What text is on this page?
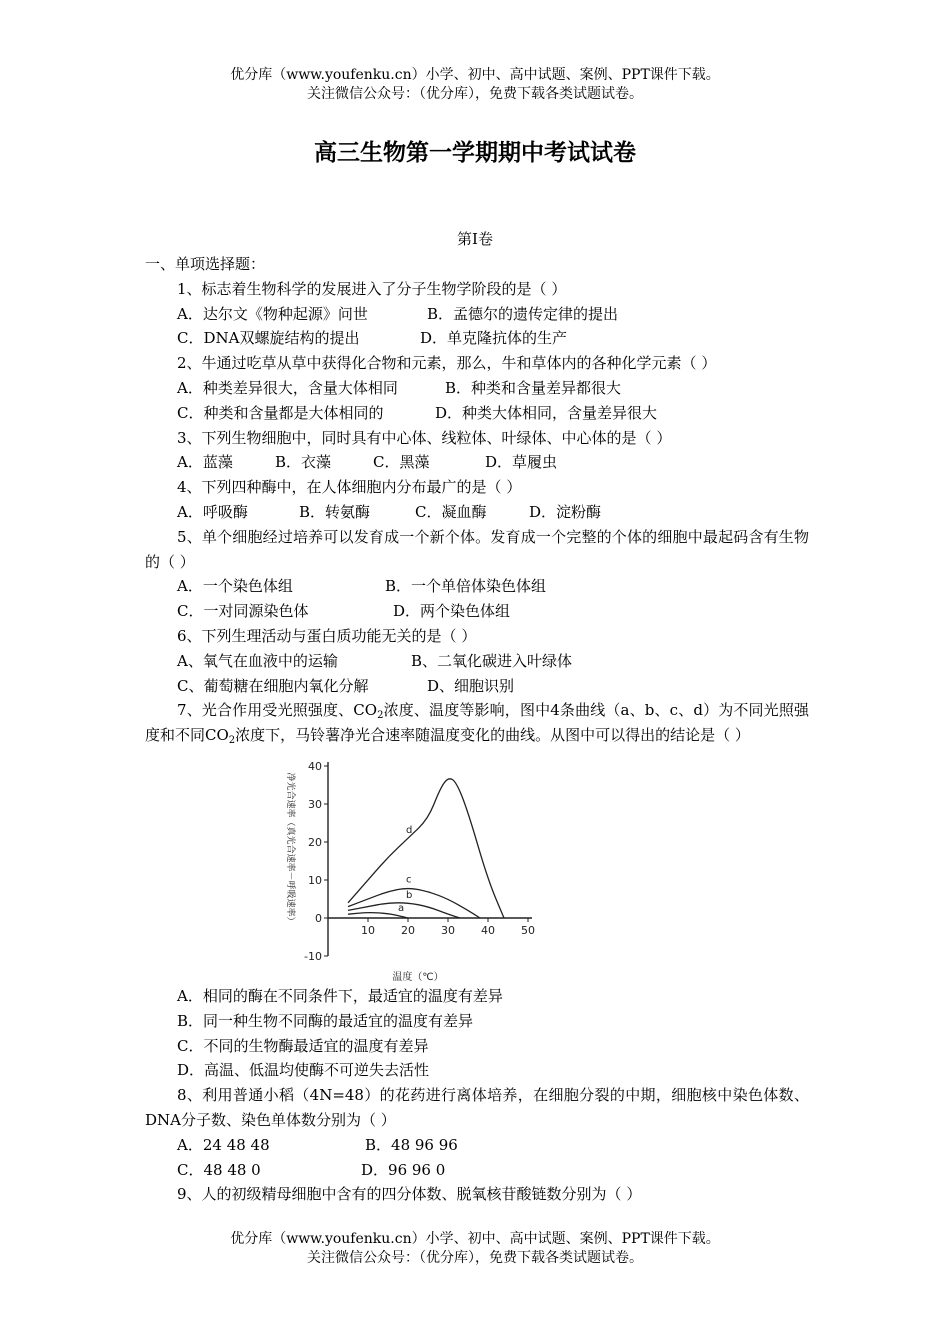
优分库（www.youfenku.cn）小学、初中、高中试题、案例、PPT课件下载。
关注微信公众号：（优分库），免费下载各类试题试卷。
高三生物第一学期期中考试试卷
第I卷
一、单项选择题：
1、标志着生物科学的发展进入了分子生物学阶段的是（ ）
A．达尔文《物种起源》问世	B．孟德尔的遗传定律的提出
C．DNA双螺旋结构的提出	D．单克隆抗体的生产
2、牛通过吃草从草中获得化合物和元素，那么，牛和草体内的各种化学元素（ ）
A．种类差异很大，含量大体相同	B．种类和含量差异都很大
C．种类和含量都是大体相同的	D．种类大体相同，含量差异很大
3、下列生物细胞中，同时具有中心体、线粒体、叶绿体、中心体的是（ ）
A．蓝藻	B．衣藻	C．黑藻	D．草履虫
4、下列四种酶中，在人体细胞内分布最广的是（ ）
A．呼吸酶	B．转氨酶	C．凝血酶	D．淀粉酶
5、单个细胞经过培养可以发育成一个新个体。发育成一个完整的个体的细胞中最起码含有生物的（ ）
A．一个染色体组	B．一个单倍体染色体组
C．一对同源染色体	D．两个染色体组
6、下列生理活动与蛋白质功能无关的是（ ）
A、氧气在血液中的运输	B、二氧化碳进入叶绿体
C、葡萄糖在细胞内氧化分解	D、细胞识别
7、光合作用受光照强度、$CO_2$浓度、温度等影响，图中4条曲线（a、b、c、d）为不同光照强度和不同$CO_2$浓度下，马铃薯净光合速率随温度变化的曲线。从图中可以得出的结论是（ ）
40
30
20
10
0
-10
10 20 30 40 50
温度（℃）
净光合速率（真光合速率－呼吸速率）	d
c
b
a
A．相同的酶在不同条件下，最适宜的温度有差异
B．同一种生物不同酶的最适宜的温度有差异
C．不同的生物酶最适宜的温度有差异
D．高温、低温均使酶不可逆失去活性
8、利用普通小稻（4N=48）的花药进行离体培养，在细胞分裂的中期，细胞核中染色体数、DNA分子数、染色单体数分别为（ ）
A．24 48 48	B．48 96 96
C．48 48 0	D．96 96 0
9、人的初级精母细胞中含有的四分体数、脱氧核苷酸链数分别为（ ）
优分库（www.youfenku.cn）小学、初中、高中试题、案例、PPT课件下载。
关注微信公众号：（优分库），免费下载各类试题试卷。
